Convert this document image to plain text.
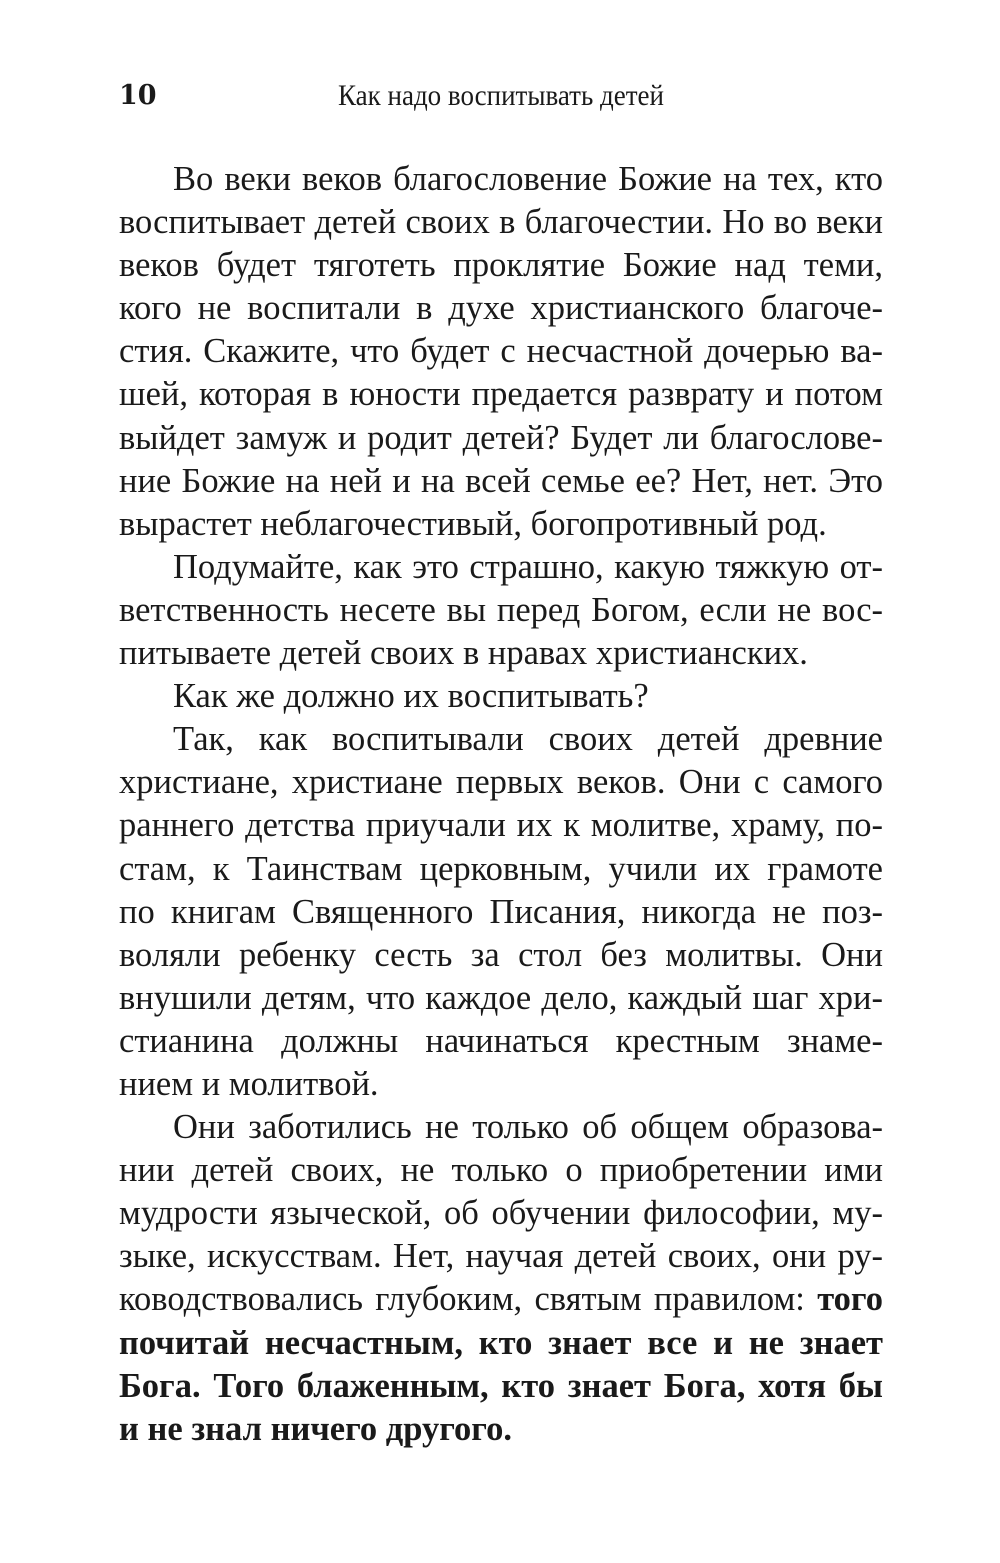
10	Как надо воспитывать детей
Во веки веков благословение Божие на тех, кто
воспитывает детей своих в благочестии. Но во веки
веков будет тяготеть проклятие Божие над теми,
кого не воспитали в духе христианского благоче-
стия. Скажите, что будет с несчастной дочерью ва-
шей, которая в юности предается разврату и потом
выйдет замуж и родит детей? Будет ли благослове-
ние Божие на ней и на всей семье ее? Нет, нет. Это
вырастет неблагочестивый, богопротивный род.
Подумайте, как это страшно, какую тяжкую от-
ветственность несете вы перед Богом, если не вос-
питываете детей своих в нравах христианских.
Как же должно их воспитывать?
Так, как воспитывали своих детей древние
христиане, христиане первых веков. Они с самого
раннего детства приучали их к молитве, храму, по-
стам, к Таинствам церковным, учили их грамоте
по книгам Священного Писания, никогда не поз-
воляли ребенку сесть за стол без молитвы. Они
внушили детям, что каждое дело, каждый шаг хри-
стианина должны начинаться крестным знаме-
нием и молитвой.
Они заботились не только об общем образова-
нии детей своих, не только о приобретении ими
мудрости языческой, об обучении философии, му-
зыке, искусствам. Нет, научая детей своих, они ру-
ководствовались глубоким, святым правилом: того
почитай несчастным, кто знает все и не знает
Бога. Того блаженным, кто знает Бога, хотя бы
и не знал ничего другого.
